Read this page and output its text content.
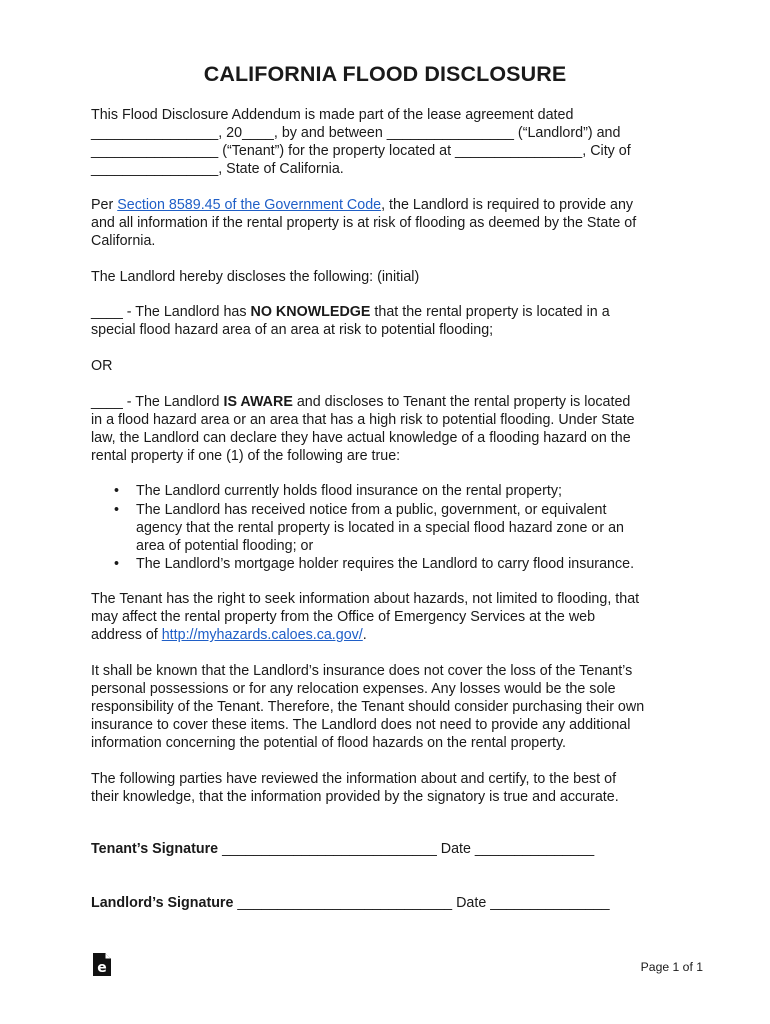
CALIFORNIA FLOOD DISCLOSURE

This Flood Disclosure Addendum is made part of the lease agreement dated
________________, 20____, by and between ________________ (“Landlord”) and
________________ (“Tenant”) for the property located at ________________, City of
________________, State of California.

Per Section 8589.45 of the Government Code, the Landlord is required to provide any
and all information if the rental property is at risk of flooding as deemed by the State of
California.

The Landlord hereby discloses the following: (initial)

____ - The Landlord has NO KNOWLEDGE that the rental property is located in a
special flood hazard area of an area at risk to potential flooding;

OR

____ - The Landlord IS AWARE and discloses to Tenant the rental property is located
in a flood hazard area or an area that has a high risk to potential flooding. Under State
law, the Landlord can declare they have actual knowledge of a flooding hazard on the
rental property if one (1) of the following are true:

• The Landlord currently holds flood insurance on the rental property;
• The Landlord has received notice from a public, government, or equivalent
agency that the rental property is located in a special flood hazard zone or an
area of potential flooding; or
• The Landlord’s mortgage holder requires the Landlord to carry flood insurance.

The Tenant has the right to seek information about hazards, not limited to flooding, that
may affect the rental property from the Office of Emergency Services at the web
address of http://myhazards.caloes.ca.gov/.

It shall be known that the Landlord’s insurance does not cover the loss of the Tenant’s
personal possessions or for any relocation expenses. Any losses would be the sole
responsibility of the Tenant. Therefore, the Tenant should consider purchasing their own
insurance to cover these items. The Landlord does not need to provide any additional
information concerning the potential of flood hazards on the rental property.

The following parties have reviewed the information about and certify, to the best of
their knowledge, that the information provided by the signatory is true and accurate.

Tenant’s Signature ___________________________ Date _______________
Landlord’s Signature ___________________________ Date _______________
e	Page 1 of 1
